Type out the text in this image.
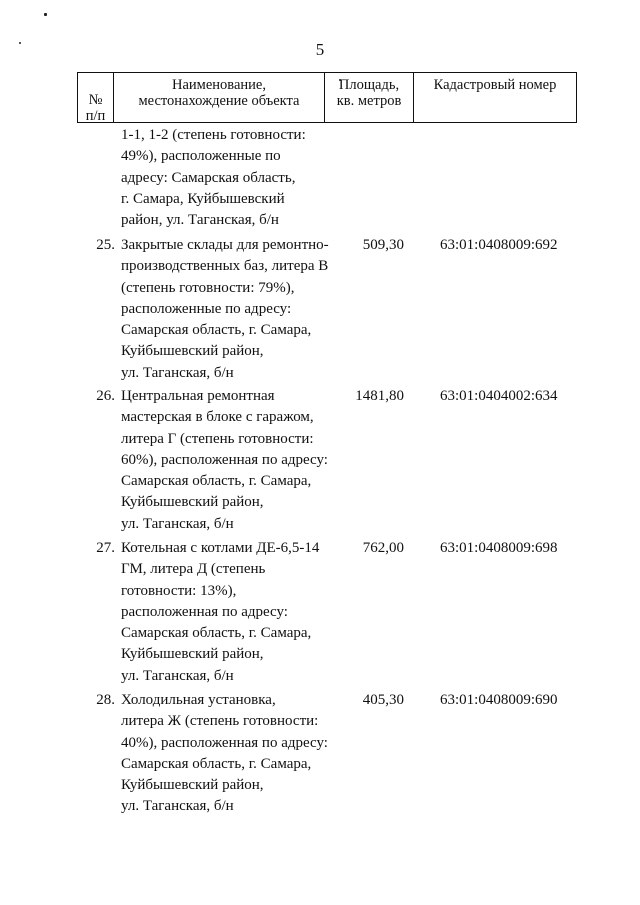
5
№
п/п
Наименование,
местонахождение объекта
Площадь,
кв. метров
Кадастровый номер
1-1, 1-2 (степень готовности:
49%), расположенные по
адресу: Самарская область,
г. Самара, Куйбышевский
район, ул. Таганская, б/н
25. Закрытые склады для ремонтно-
производственных баз, литера В
(степень готовности: 79%),
расположенные по адресу:
Самарская область, г. Самара,
Куйбышевский район,
ул. Таганская, б/н
509,30 63:01:0408009:692
26. Центральная ремонтная
мастерская в блоке с гаражом,
литера Г (степень готовности:
60%), расположенная по адресу:
Самарская область, г. Самара,
Куйбышевский район,
ул. Таганская, б/н
1481,80 63:01:0404002:634
27. Котельная с котлами ДЕ-6,5-14
ГМ, литера Д (степень
готовности: 13%),
расположенная по адресу:
Самарская область, г. Самара,
Куйбышевский район,
ул. Таганская, б/н
762,00 63:01:0408009:698
28. Холодильная установка,
литера Ж (степень готовности:
40%), расположенная по адресу:
Самарская область, г. Самара,
Куйбышевский район,
ул. Таганская, б/н
405,30 63:01:0408009:690
